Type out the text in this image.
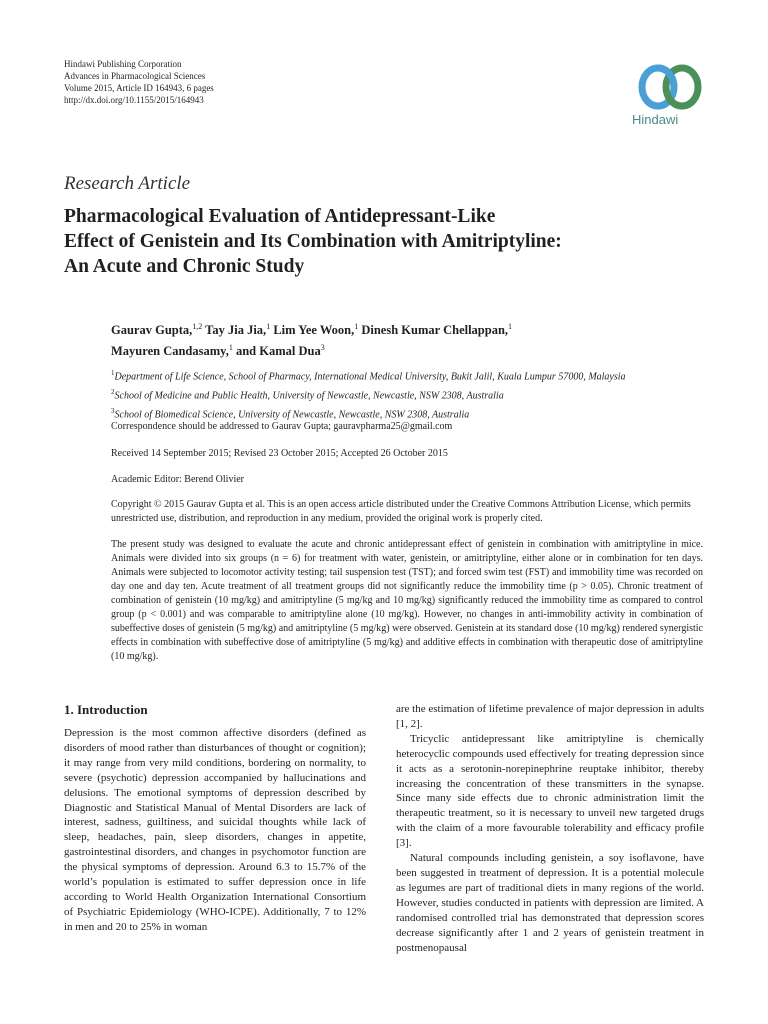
Hindawi Publishing Corporation
Advances in Pharmacological Sciences
Volume 2015, Article ID 164943, 6 pages
http://dx.doi.org/10.1155/2015/164943
Hindawi
Research Article
Pharmacological Evaluation of Antidepressant-Like
Effect of Genistein and Its Combination with Amitriptyline:
An Acute and Chronic Study
Gaurav Gupta,$^{1,2}$ Tay Jia Jia,$^1$ Lim Yee Woon,$^1$ Dinesh Kumar Chellappan,$^1$
Mayuren Candasamy,$^1$ and Kamal Dua$^3$
$^1$Department of Life Science, School of Pharmacy, International Medical University, Bukit Jalil, Kuala Lumpur 57000, Malaysia
$^2$School of Medicine and Public Health, University of Newcastle, Newcastle, NSW 2308, Australia
$^3$School of Biomedical Science, University of Newcastle, Newcastle, NSW 2308, Australia
Correspondence should be addressed to Gaurav Gupta; gauravpharma25@gmail.com
Received 14 September 2015; Revised 23 October 2015; Accepted 26 October 2015
Academic Editor: Berend Olivier
Copyright © 2015 Gaurav Gupta et al. This is an open access article distributed under the Creative Commons Attribution License, which permits unrestricted use, distribution, and reproduction in any medium, provided the original work is properly cited.
The present study was designed to evaluate the acute and chronic antidepressant effect of genistein in combination with amitriptyline in mice. Animals were divided into six groups (n = 6) for treatment with water, genistein, or amitriptyline, either alone or in combination for ten days. Animals were subjected to locomotor activity testing; tail suspension test (TST); and forced swim test (FST) and immobility time was recorded on day one and day ten. Acute treatment of all treatment groups did not significantly reduce the immobility time (p > 0.05). Chronic treatment of combination of genistein (10 mg/kg) and amitriptyline (5 mg/kg and 10 mg/kg) significantly reduced the immobility time as compared to control group (p < 0.001) and was comparable to amitriptyline alone (10 mg/kg). However, no changes in anti-immobility activity in combination of subeffective doses of genistein (5 mg/kg) and amitriptyline (5 mg/kg) were observed. Genistein at its standard dose (10 mg/kg) rendered synergistic effects in combination with subeffective dose of amitriptyline (5 mg/kg) and additive effects in combination with therapeutic dose of amitriptyline (10 mg/kg).
1. Introduction

Depression is the most common affective disorders (defined as disorders of mood rather than disturbances of thought or cognition); it may range from very mild conditions, bordering on normality, to severe (psychotic) depression accompanied by hallucinations and delusions. The emotional symptoms of depression described by Diagnostic and Statistical Manual of Mental Disorders are lack of interest, sadness, guiltiness, and suicidal thoughts while lack of sleep, headaches, pain, sleep disorders, changes in appetite, gastrointestinal disorders, and changes in psychomotor function are the physical symptoms of depression. Around 6.3 to 15.7% of the world’s population is estimated to suffer depression once in life according to World Health Organization International Consortium of Psychiatric Epidemiology (WHO-ICPE). Additionally, 7 to 12% in men and 20 to 25% in woman

are the estimation of lifetime prevalence of major depression in adults [1, 2].

Tricyclic antidepressant like amitriptyline is chemically heterocyclic compounds used effectively for treating depression since it acts as a serotonin-norepinephrine reuptake inhibitor, thereby increasing the concentration of these transmitters in the synapse. Since many side effects due to chronic administration limit the therapeutic treatment, so it is necessary to unveil new targeted drugs with the claim of a more favourable tolerability and efficacy profile [3].

Natural compounds including genistein, a soy isoflavone, have been suggested in treatment of depression. It is a potential molecule as legumes are part of traditional diets in many regions of the world. However, studies conducted in patients with depression are limited. A randomised controlled trial has demonstrated that depression scores decrease significantly after 1 and 2 years of genistein treatment in postmenopausal
